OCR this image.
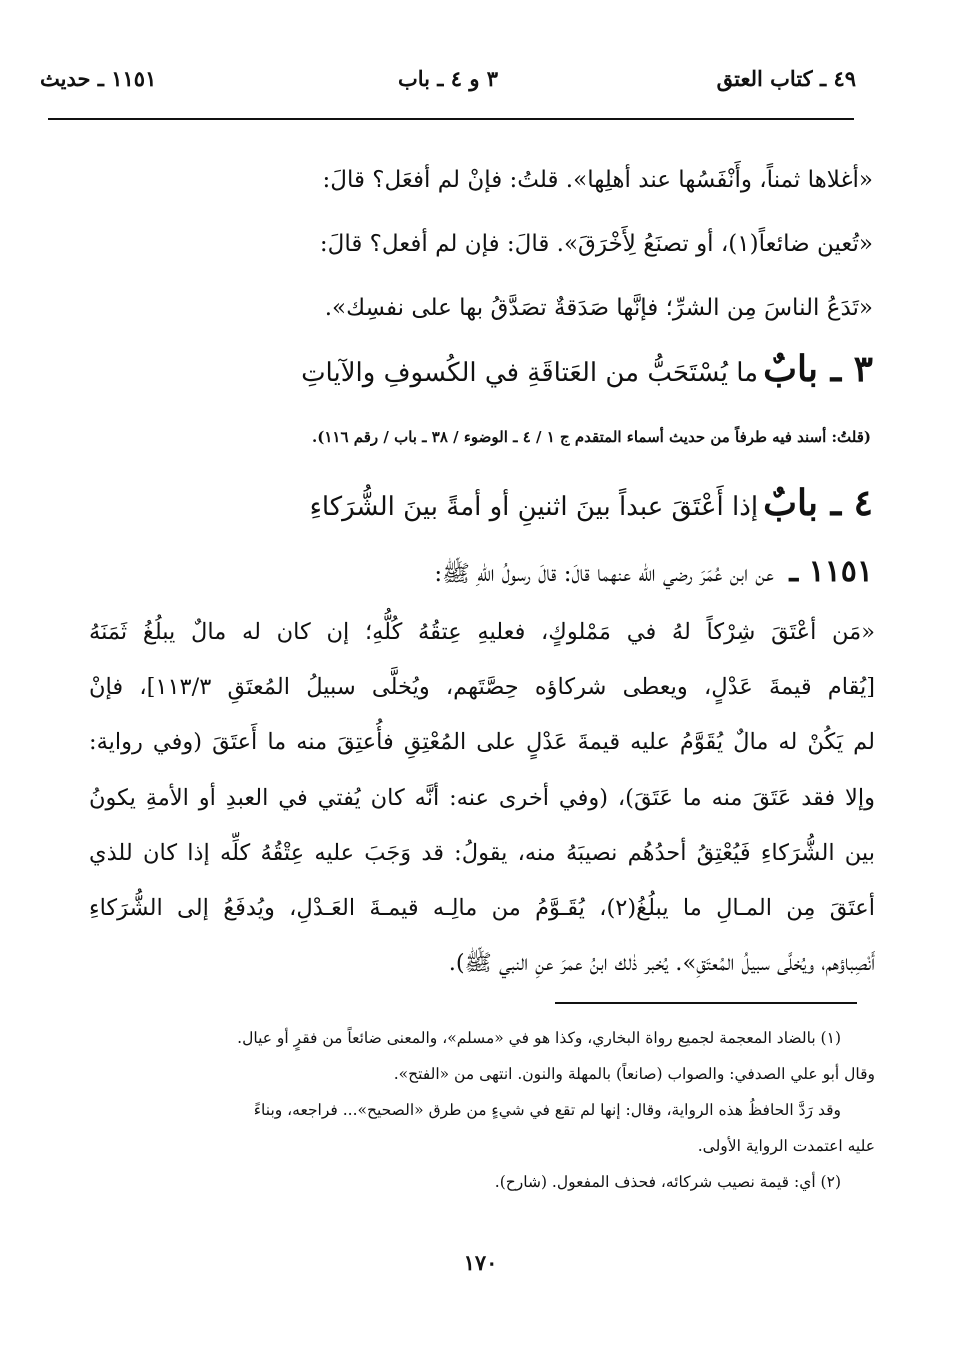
٤٩ ـ كتاب العتق
٣ و ٤ ـ باب
١١٥١ ـ حديث
«أغلاها ثمناً، وأَنْفَسُها عند أهلِها». قلتُ: فإنْ لم أفعَل؟ قالَ:
«تُعين ضائعاً(١)، أو تصنَعُ لِأَخْرَقَ». قالَ: فإن لم أفعل؟ قالَ:
«تَدَعُ الناسَ مِن الشرِّ؛ فإنَّها صَدَقةٌ تصَدَّقُ بها على نفسِك».
٣ ـ بابٌ ما يُسْتَحَبُّ من العَتاقَةِ في الكُسوفِ والآياتِ
(قلتُ: أسند فيه طرفاً من حديث أسماء المتقدم ج ١ / ٤ ـ الوضوء / ٣٨ ـ باب / رقم ١١٦).
٤ ـ بابٌ إذا أَعْتَقَ عبداً بينَ اثنينِ أو أمةً بينَ الشُّرَكاءِ
١١٥١ ـ عن ابن عُمَرَ رضي الله عنهما قالَ: قالَ رسولُ اللهِ ﷺ:
«مَن أعْتَقَ شِرْكاً لهُ في مَمْلوكٍ، فعليهِ عِتقُهُ كُلُّهِ؛ إن كان له مالٌ يبلُغُ ثَمَنَهُ
[يُقام قيمةَ عَدْلٍ، ويعطى شركاؤه حِصَّتَهم، ويُخلَّى سبيلُ المُعتَقِ ١١٣/٣]، فإنْ
لم يَكُنْ له مالٌ يُقَوَّمُ عليه قيمةَ عَدْلٍ على المُعْتِقِ فأُعتِقَ منه ما أَعتَقَ (وفي رواية:
وإلا فقد عَتَقَ منه ما عَتَقَ)، (وفي أخرى عنه: أنَّه كان يُفتي في العبدِ أو الأمةِ يكونُ
بين الشُّرَكاءِ فَيُعْتِقُ أحدُهُم نصيبَهُ منه، يقولُ: قد وَجَبَ عليه عِتْقُهُ كلِّه إذا كان للذي
أعتَقَ مِن المـالِ ما يبلُغُ(٢)، يُقَـوَّمُ من مالِـه قيمـةَ العَـدْلِ، ويُدفَعُ إلى الشُّرَكاءِ
أَنْصِباؤهم، ويُخلَّى سبيلُ المُعتَقِ». يُخبر ذٰلك ابنُ عمرَ عنِ النبي ﷺ).
(١) بالضاد المعجمة لجميع رواة البخاري، وكذا هو في «مسلم»، والمعنى ضائعاً من فقرٍ أو عيال.
وقال أبو علي الصدفي: والصواب (صانعاً) بالمهلة والنون. انتهى من «الفتح».
وقد رَدَّ الحافظُ هذه الرواية، وقال: إنها لم تقع في شيءٍ من طرق «الصحيح»... فراجعه، وبناءً
عليه اعتمدت الرواية الأولى.
(٢) أي: قيمة نصيب شركائه، فحذف المفعول. (شارح).
١٧٠
